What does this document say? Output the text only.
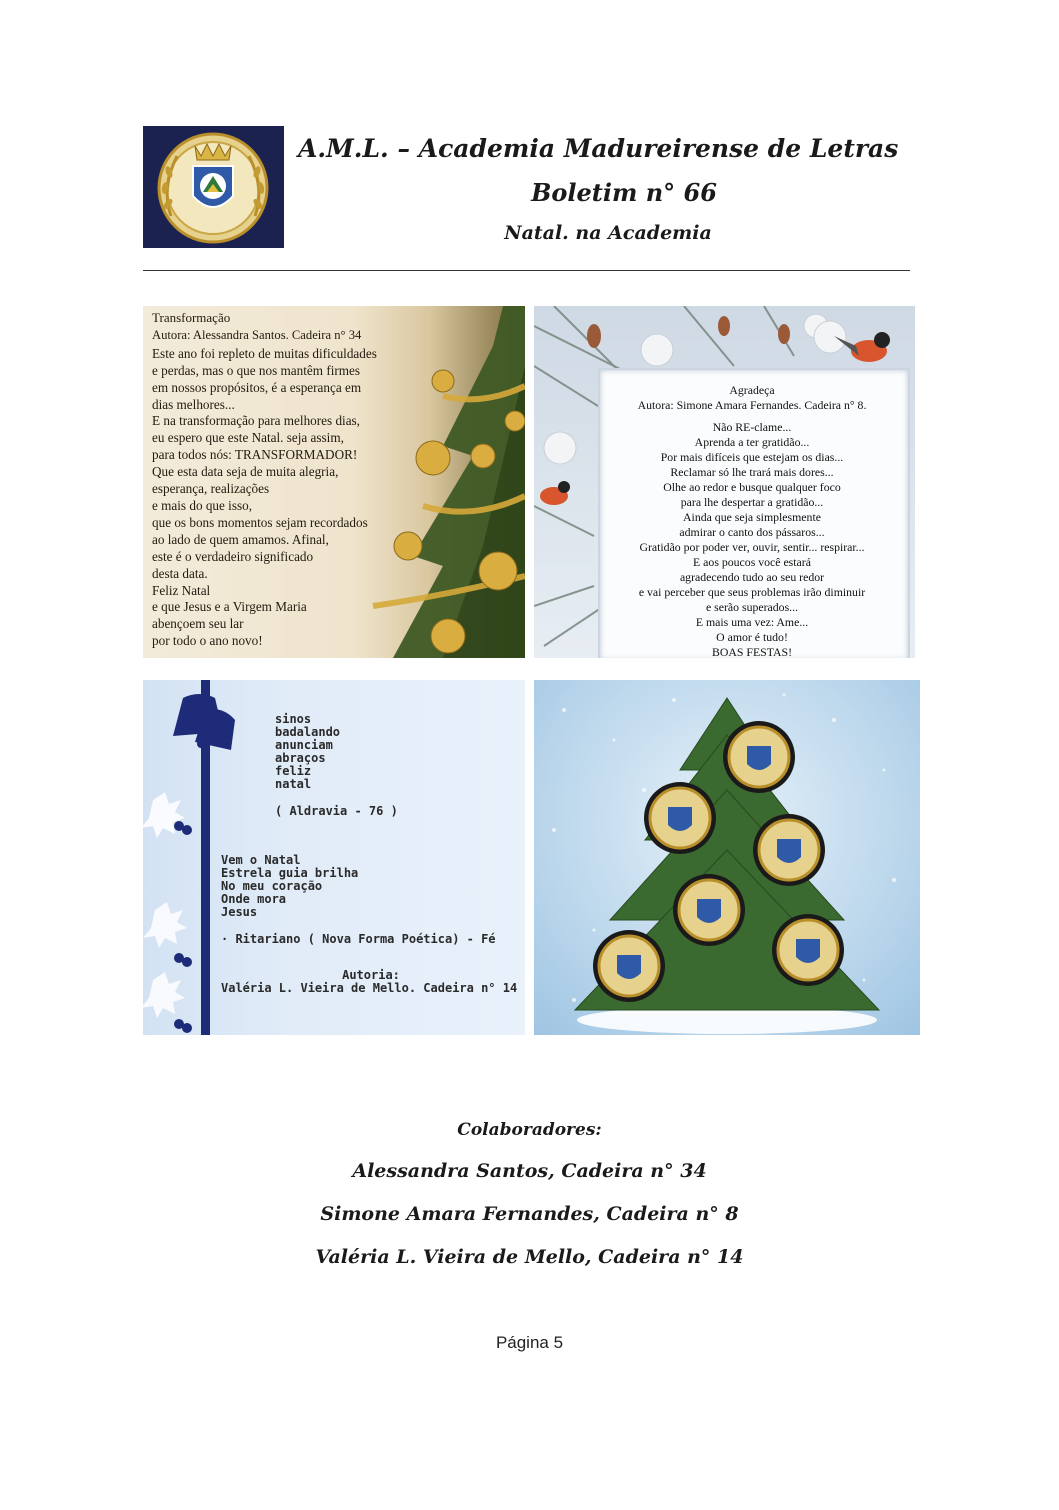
A.M.L. – Academia Madureirense de Letras
Boletim n° 66
Natal. na Academia
Transformação
Autora: Alessandra Santos. Cadeira n° 34
Este ano foi repleto de muitas dificuldades
e perdas, mas o que nos mantêm firmes
em nossos propósitos, é a esperança em
dias melhores...
E na transformação para melhores dias,
eu espero que este Natal. seja assim,
para todos nós: TRANSFORMADOR!
Que esta data seja de muita alegria,
esperança, realizações
e mais do que isso,
que os bons momentos sejam recordados
ao lado de quem amamos. Afinal,
este é o verdadeiro significado
desta data.
Feliz Natal
e que Jesus e a Virgem Maria
abençoem seu lar
por todo o ano novo!
Agradeça
Autora: Simone Amara Fernandes. Cadeira n° 8.
Não RE-clame...
Aprenda a ter gratidão...
Por mais difíceis que estejam os dias...
Reclamar só lhe trará mais dores...
Olhe ao redor e busque qualquer foco
para lhe despertar a gratidão...
Ainda que seja simplesmente
admirar o canto dos pássaros...
Gratidão por poder ver, ouvir, sentir... respirar...
E aos poucos você estará
agradecendo tudo ao seu redor
e vai perceber que seus problemas irão diminuir
e serão superados...
E mais uma vez: Ame...
O amor é tudo!
BOAS FESTAS!
sinos
badalando
anunciam
abraços
feliz
natal
( Aldravia - 76 )
Vem o Natal
Estrela guia brilha
No meu coração
Onde mora
Jesus
· Ritariano ( Nova Forma Poética) - Fé
Autoria:
Valéria L. Vieira de Mello. Cadeira n° 14
Colaboradores:
Alessandra Santos, Cadeira n° 34
Simone Amara Fernandes, Cadeira n° 8
Valéria L. Vieira de Mello, Cadeira n° 14
Página 5
